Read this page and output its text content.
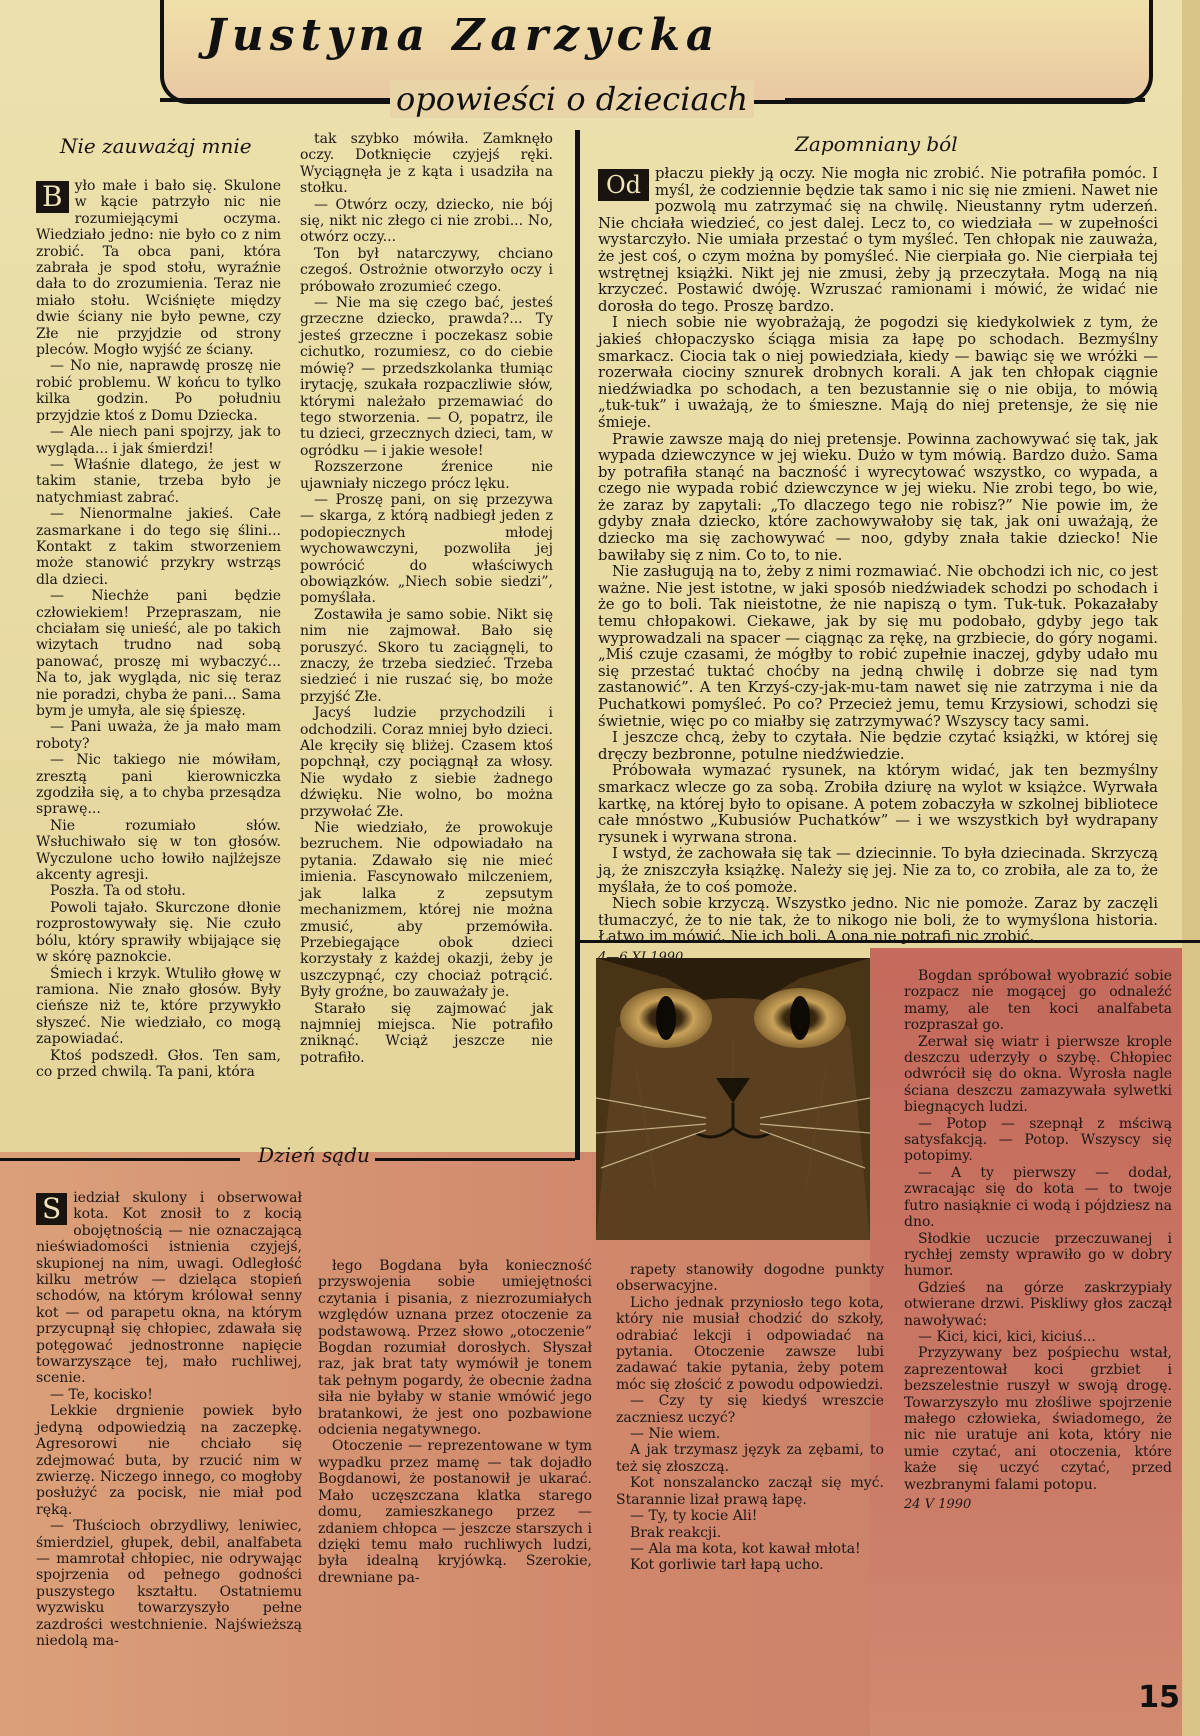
Justyna Zarzycka
opowieści o dzieciach
Nie zauważaj mnie
B yło małe i bało się. Skulone w kącie patrzyło nic nie rozumiejącymi oczyma. Wiedziało jedno: nie było co z nim zrobić. Ta obca pani, która zabrała je spod stołu, wyraźnie dała to do zrozumienia. Teraz nie miało stołu. Wciśnięte między dwie ściany nie było pewne, czy Złe nie przyjdzie od strony pleców. Mogło wyjść ze ściany.

— No nie, naprawdę proszę nie robić problemu. W końcu to tylko kilka godzin. Po południu przyjdzie ktoś z Domu Dziecka.

— Ale niech pani spojrzy, jak to wygląda... i jak śmierdzi!

— Właśnie dlatego, że jest w takim stanie, trzeba było je natychmiast zabrać.

— Nienormalne jakieś. Całe zasmarkane i do tego się ślini... Kontakt z takim stworzeniem może stanowić przykry wstrząs dla dzieci.

— Niechże pani będzie człowiekiem! Przepraszam, nie chciałam się unieść, ale po takich wizytach trudno nad sobą panować, proszę mi wybaczyć... Na to, jak wygląda, nic się teraz nie poradzi, chyba że pani... Sama bym je umyła, ale się śpieszę.

— Pani uważa, że ja mało mam roboty?

— Nic takiego nie mówiłam, zresztą pani kierowniczka zgodziła się, a to chyba przesądza sprawę...

Nie rozumiało słów. Wsłuchiwało się w ton głosów. Wyczulone ucho łowiło najlżejsze akcenty agresji.

Poszła. Ta od stołu.

Powoli tajało. Skurczone dłonie rozprostowywały się. Nie czuło bólu, który sprawiły wbijające się w skórę paznokcie.

Śmiech i krzyk. Wtuliło głowę w ramiona. Nie znało głosów. Były cieńsze niż te, które przywykło słyszeć. Nie wiedziało, co mogą zapowiadać.

Ktoś podszedł. Głos. Ten sam, co przed chwilą. Ta pani, która

tak szybko mówiła. Zamknęło oczy. Dotknięcie czyjejś ręki. Wyciągnęła je z kąta i usadziła na stołku.

— Otwórz oczy, dziecko, nie bój się, nikt nic złego ci nie zrobi... No, otwórz oczy...

Ton był natarczywy, chciano czegoś. Ostrożnie otworzyło oczy i próbowało zrozumieć czego.

— Nie ma się czego bać, jesteś grzeczne dziecko, prawda?... Ty jesteś grzeczne i poczekasz sobie cichutko, rozumiesz, co do ciebie mówię? — przedszkolanka tłumiąc irytację, szukała rozpaczliwie słów, którymi należało przemawiać do tego stworzenia. — O, popatrz, ile tu dzieci, grzecznych dzieci, tam, w ogródku — i jakie wesołe!

Rozszerzone źrenice nie ujawniały niczego prócz lęku.

— Proszę pani, on się przezywa — skarga, z którą nadbiegł jeden z podopiecznych młodej wychowawczyni, pozwoliła jej powrócić do właściwych obowiązków. „Niech sobie siedzi”, pomyślała.

Zostawiła je samo sobie. Nikt się nim nie zajmował. Bało się poruszyć. Skoro tu zaciągnęli, to znaczy, że trzeba siedzieć. Trzeba siedzieć i nie ruszać się, bo może przyjść Złe.

Jacyś ludzie przychodzili i odchodzili. Coraz mniej było dzieci. Ale kręciły się bliżej. Czasem ktoś popchnął, czy pociągnął za włosy. Nie wydało z siebie żadnego dźwięku. Nie wolno, bo można przywołać Złe.

Nie wiedziało, że prowokuje bezruchem. Nie odpowiadało na pytania. Zdawało się nie mieć imienia. Fascynowało milczeniem, jak lalka z zepsutym mechanizmem, której nie można zmusić, aby przemówiła. Przebiegające obok dzieci korzystały z każdej okazji, żeby je uszczypnąć, czy chociaż potrącić. Były groźne, bo zauważały je.

Starało się zajmować jak najmniej miejsca. Nie potrafiło zniknąć. Wciąż jeszcze nie potrafiło.

Zapomniany ból
Od płaczu piekły ją oczy. Nie mogła nic zrobić. Nie potrafiła pomóc. I myśl, że codziennie będzie tak samo i nic się nie zmieni. Nawet nie pozwolą mu zatrzymać się na chwilę. Nieustanny rytm uderzeń. Nie chciała wiedzieć, co jest dalej. Lecz to, co wiedziała — w zupełności wystarczyło. Nie umiała przestać o tym myśleć. Ten chłopak nie zauważa, że jest coś, o czym można by pomyśleć. Nie cierpiała go. Nie cierpiała tej wstrętnej książki. Nikt jej nie zmusi, żeby ją przeczytała. Mogą na nią krzyczeć. Postawić dwóję. Wzruszać ramionami i mówić, że widać nie dorosła do tego. Proszę bardzo.

I niech sobie nie wyobrażają, że pogodzi się kiedykolwiek z tym, że jakieś chłopaczysko ściąga misia za łapę po schodach. Bezmyślny smarkacz. Ciocia tak o niej powiedziała, kiedy — bawiąc się we wróżki — rozerwała ciociny sznurek drobnych korali. A jak ten chłopak ciągnie niedźwiadka po schodach, a ten bezustannie się o nie obija, to mówią „tuk-tuk” i uważają, że to śmieszne. Mają do niej pretensje, że się nie śmieje.

Prawie zawsze mają do niej pretensje. Powinna zachowywać się tak, jak wypada dziewczynce w jej wieku. Dużo w tym mówią. Bardzo dużo. Sama by potrafiła stanąć na baczność i wyrecytować wszystko, co wypada, a czego nie wypada robić dziewczynce w jej wieku. Nie zrobi tego, bo wie, że zaraz by zapytali: „To dlaczego tego nie robisz?” Nie powie im, że gdyby znała dziecko, które zachowywałoby się tak, jak oni uważają, że dziecko ma się zachowywać — noo, gdyby znała takie dziecko! Nie bawiłaby się z nim. Co to, to nie.

Nie zasługują na to, żeby z nimi rozmawiać. Nie obchodzi ich nic, co jest ważne. Nie jest istotne, w jaki sposób niedźwiadek schodzi po schodach i że go to boli. Tak nieistotne, że nie napiszą o tym. Tuk-tuk. Pokazałaby temu chłopakowi. Ciekawe, jak by się mu podobało, gdyby jego tak wyprowadzali na spacer — ciągnąc za rękę, na grzbiecie, do góry nogami. „Miś czuje czasami, że mógłby to robić zupełnie inaczej, gdyby udało mu się przestać tuktać choćby na jedną chwilę i dobrze się nad tym zastanowić”. A ten Krzyś-czy-jak-mu-tam nawet się nie zatrzyma i nie da Puchatkowi pomyśleć. Po co? Przecież jemu, temu Krzysiowi, schodzi się świetnie, więc po co miałby się zatrzymywać? Wszyscy tacy sami.

I jeszcze chcą, żeby to czytała. Nie będzie czytać książki, w której się dręczy bezbronne, potulne niedźwiedzie.

Próbowała wymazać rysunek, na którym widać, jak ten bezmyślny smarkacz wlecze go za sobą. Zrobiła dziurę na wylot w książce. Wyrwała kartkę, na której było to opisane. A potem zobaczyła w szkolnej bibliotece całe mnóstwo „Kubusiów Puchatków” — i we wszystkich był wydrapany rysunek i wyrwana strona.

I wstyd, że zachowała się tak — dziecinnie. To była dziecinada. Skrzyczą ją, że zniszczyła książkę. Należy się jej. Nie za to, co zrobiła, ale za to, że myślała, że to coś pomoże.

Niech sobie krzyczą. Wszystko jedno. Nic nie pomoże. Zaraz by zaczęli tłumaczyć, że to nie tak, że to nikogo nie boli, że to wymyślona historia. Łatwo im mówić. Nie ich boli. A ona nie potrafi nic zrobić.

Dzień sądu
S iedział skulony i obserwował kota. Kot znosił to z kocią obojętnością — nie oznaczającą nieświadomości istnienia czyjejś, skupionej na nim, uwagi. Odległość kilku metrów — dzieląca stopień schodów, na którym królował senny kot — od parapetu okna, na którym przycupnął się chłopiec, zdawała się potęgować jednostronne napięcie towarzyszące tej, mało ruchliwej, scenie.

— Te, kocisko!

Lekkie drgnienie powiek było jedyną odpowiedzią na zaczepkę. Agresorowi nie chciało się zdejmować buta, by rzucić nim w zwierzę. Niczego innego, co mogłoby posłużyć za pocisk, nie miał pod ręką.

— Tłuścioch obrzydliwy, leniwiec, śmierdziel, głupek, debil, analfabeta — mamrotał chłopiec, nie odrywając spojrzenia od pełnego godności puszystego kształtu. Ostatniemu wyzwisku towarzyszyło pełne zazdrości westchnienie. Najświeższą niedolą ma-

łego Bogdana była konieczność przyswojenia sobie umiejętności czytania i pisania, z niezrozumiałych względów uznana przez otoczenie za podstawową. Przez słowo „otoczenie” Bogdan rozumiał dorosłych. Słyszał raz, jak brat taty wymówił je tonem tak pełnym pogardy, że obecnie żadna siła nie byłaby w stanie wmówić jego bratankowi, że jest ono pozbawione odcienia negatywnego.

Otoczenie — reprezentowane w tym wypadku przez mamę — tak dojadło Bogdanowi, że postanowił je ukarać. Mało uczęszczana klatka starego domu, zamieszkanego przez — zdaniem chłopca — jeszcze starszych i dzięki temu mało ruchliwych ludzi, była idealną kryjówką. Szerokie, drewniane pa-

rapety stanowiły dogodne punkty obserwacyjne.

Licho jednak przyniosło tego kota, który nie musiał chodzić do szkoły, odrabiać lekcji i odpowiadać na pytania. Otoczenie zawsze lubi zadawać takie pytania, żeby potem móc się złościć z powodu odpowiedzi.

— Czy ty się kiedyś wreszcie zaczniesz uczyć?

— Nie wiem.

A jak trzymasz język za zębami, to też się złoszczą.

Kot nonszalancko zaczął się myć. Starannie lizał prawą łapę.

— Ty, ty kocie Ali!

Brak reakcji.

— Ala ma kota, kot kawał młota!

Kot gorliwie tarł łapą ucho.

Bogdan spróbował wyobrazić sobie rozpacz nie mogącej go odnaleźć mamy, ale ten koci analfabeta rozpraszał go.

Zerwał się wiatr i pierwsze krople deszczu uderzyły o szybę. Chłopiec odwrócił się do okna. Wyrosła nagle ściana deszczu zamazywała sylwetki biegnących ludzi.

— Potop — szepnął z mściwą satysfakcją. — Potop. Wszyscy się potopimy.

— A ty pierwszy — dodał, zwracając się do kota — to twoje futro nasiąknie ci wodą i pójdziesz na dno.

Słodkie uczucie przeczuwanej i rychłej zemsty wprawiło go w dobry humor.

Gdzieś na górze zaskrzypiały otwierane drzwi. Piskliwy głos zaczął nawoływać:

— Kici, kici, kici, kiciuś...

Przyzywany bez pośpiechu wstał, zaprezentował koci grzbiet i bezszelestnie ruszył w swoją drogę. Towarzyszyło mu złośliwe spojrzenie małego człowieka, świadomego, że nic nie uratuje ani kota, który nie umie czytać, ani otoczenia, które każe się uczyć czytać, przed wezbranymi falami potopu.

24 V 1990
15
